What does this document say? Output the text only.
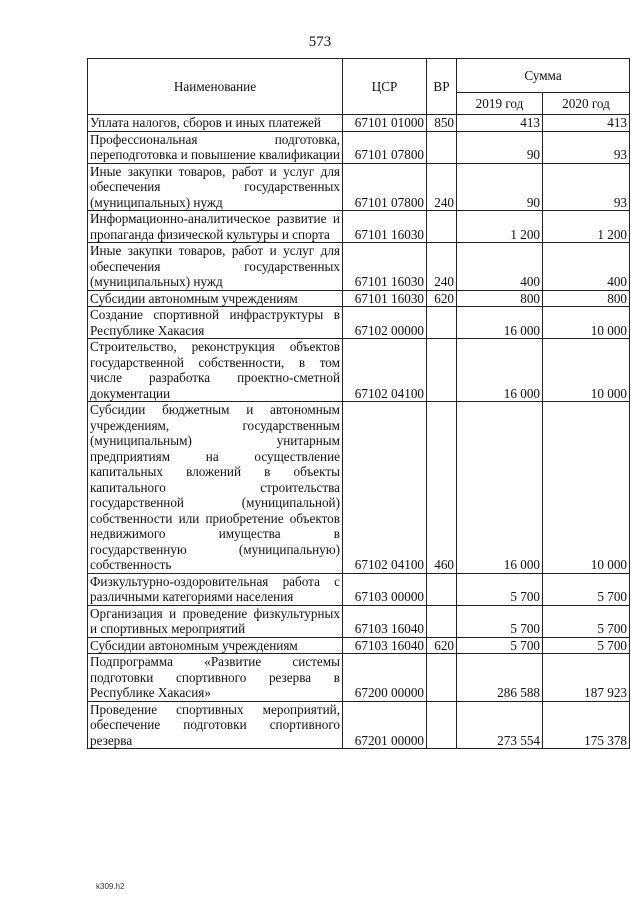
573
Наименование	ЦСР	ВР	Сумма	
			2019 год	2020 год
Уплата налогов, сборов и иных платежей	67101 01000	850	413	413
Профессиональная подготовка, переподготовка и повышение квалификации	67101 07800		90	93
Иные закупки товаров, работ и услуг для обеспечения государственных (муниципальных) нужд	67101 07800	240	90	93
Информационно-аналитическое развитие и пропаганда физической культуры и спорта	67101 16030		1 200	1 200
Иные закупки товаров, работ и услуг для обеспечения государственных (муниципальных) нужд	67101 16030	240	400	400
Субсидии автономным учреждениям	67101 16030	620	800	800
Создание спортивной инфраструктуры в Республике Хакасия	67102 00000		16 000	10 000
Строительство, реконструкция объектов государственной собственности, в том числе разработка проектно-сметной документации	67102 04100		16 000	10 000
Субсидии бюджетным и автономным учреждениям, государственным (муниципальным) унитарным предприятиям на осуществление капитальных вложений в объекты капитального строительства государственной (муниципальной) собственности или приобретение объектов недвижимого имущества в государственную (муниципальную) собственность	67102 04100	460	16 000	10 000
Физкультурно-оздоровительная работа с различными категориями населения	67103 00000		5 700	5 700
Организация и проведение физкультурных и спортивных мероприятий	67103 16040		5 700	5 700
Субсидии автономным учреждениям	67103 16040	620	5 700	5 700
Подпрограмма «Развитие системы подготовки спортивного резерва в Республике Хакасия»	67200 00000		286 588	187 923
Проведение спортивных мероприятий, обеспечение подготовки спортивного резерва	67201 00000		273 554	175 378
k309.h2
